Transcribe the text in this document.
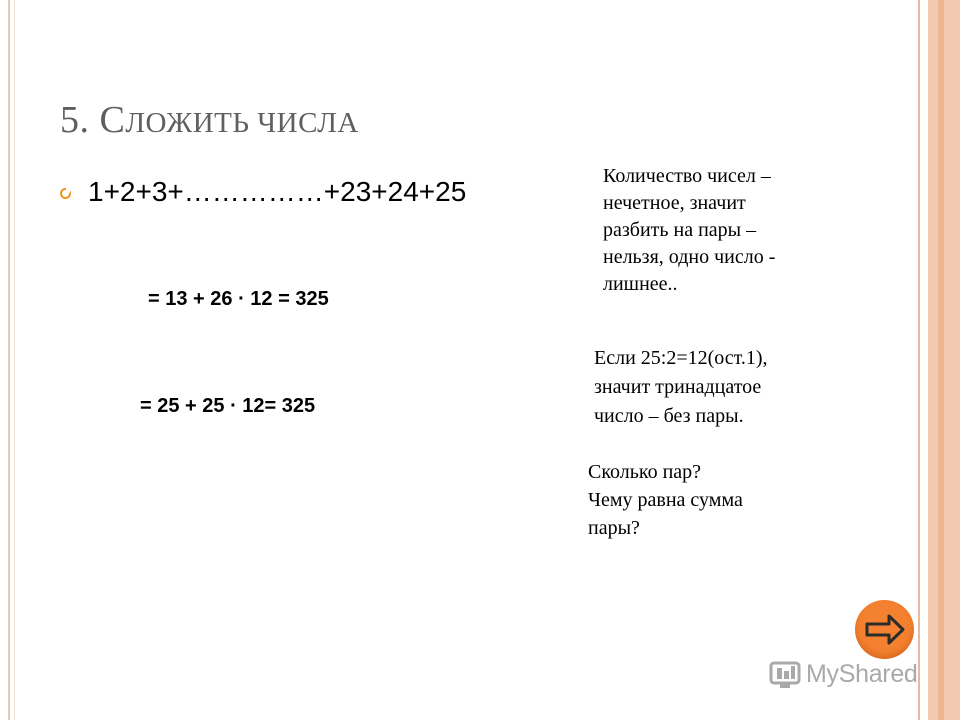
5. СЛОЖИТЬ ЧИСЛА
1+2+3+……………+23+24+25
= 13 + 26 · 12 = 325
= 25 + 25 · 12= 325
Количество чисел –
нечетное, значит
разбить на пары –
нельзя, одно число -
лишнее..
Если 25:2=12(ост.1),
значит тринадцатое
число – без пары.
Сколько пар?
Чему равна сумма
пары?
MyShared
